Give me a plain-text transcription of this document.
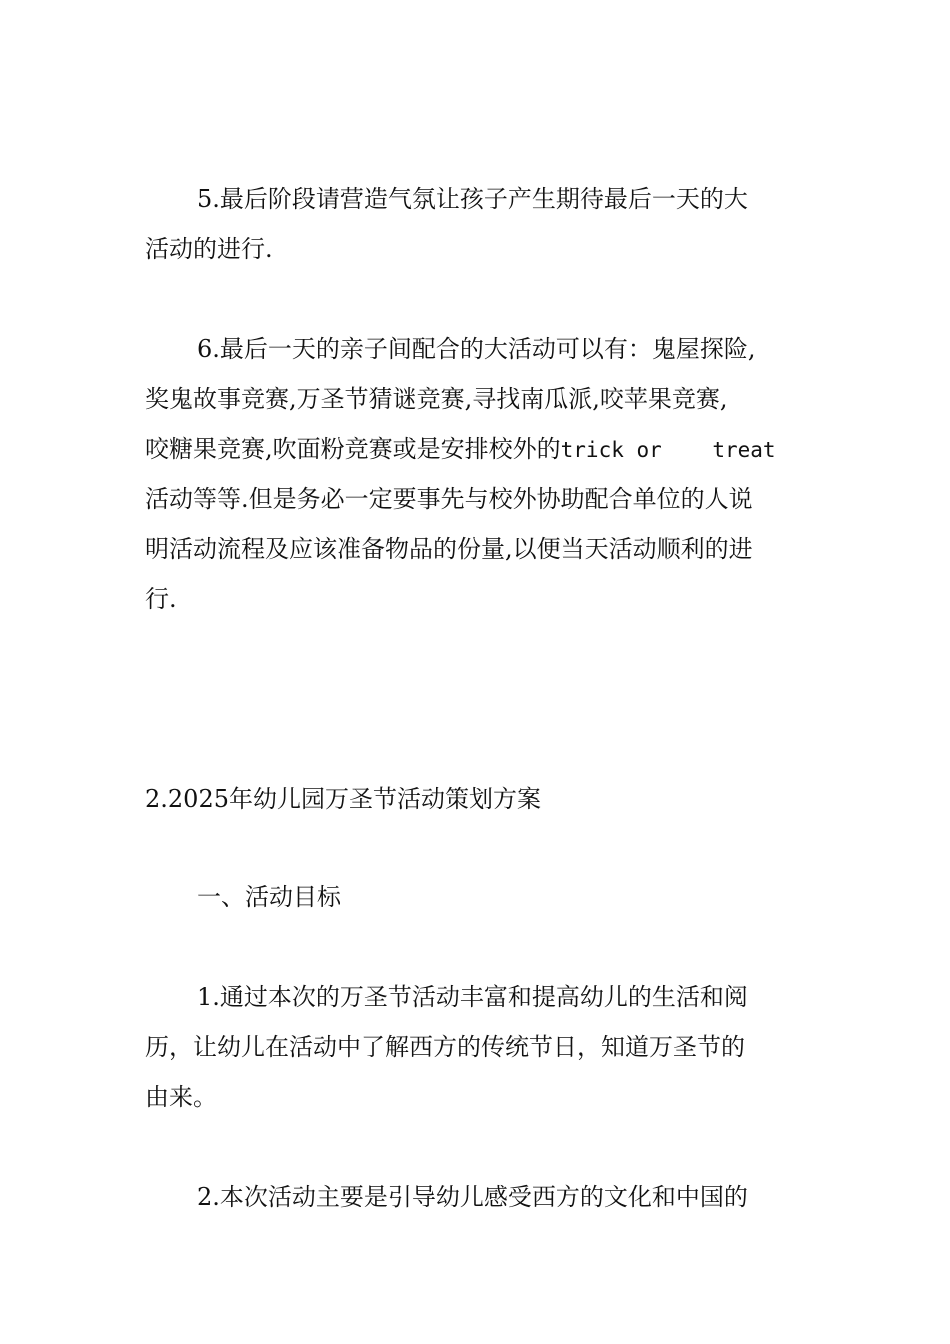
5.最后阶段请营造气氛让孩子产生期待最后一天的大
活动的进行.
6.最后一天的亲子间配合的大活动可以有：鬼屋探险,
奖鬼故事竞赛,万圣节猜谜竞赛,寻找南瓜派,咬苹果竞赛,
咬糖果竞赛,吹面粉竞赛或是安排校外的trick or    treat
活动等等.但是务必一定要事先与校外协助配合单位的人说
明活动流程及应该准备物品的份量,以便当天活动顺利的进
行.
2.2025年幼儿园万圣节活动策划方案
一、活动目标
1.通过本次的万圣节活动丰富和提高幼儿的生活和阅
历，让幼儿在活动中了解西方的传统节日，知道万圣节的
由来。
2.本次活动主要是引导幼儿感受西方的文化和中国的
